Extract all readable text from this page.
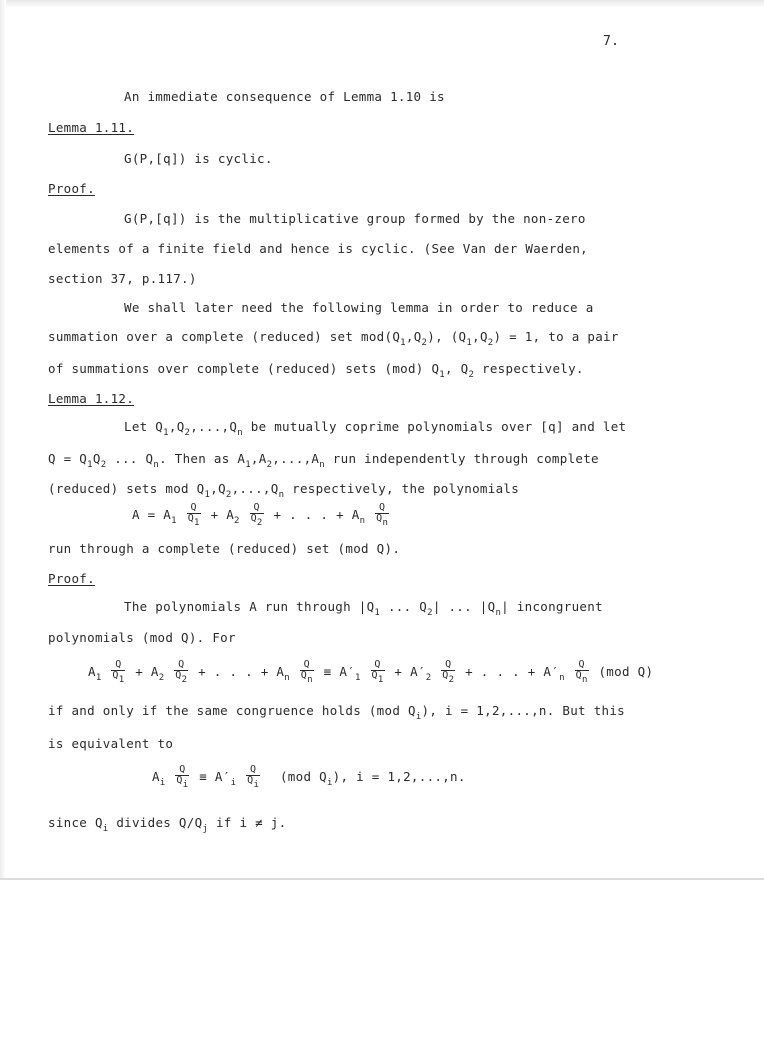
7.
An immediate consequence of Lemma 1.10 is
Lemma 1.11.
G(P,[q]) is cyclic.
Proof.
G(P,[q]) is the multiplicative group formed by the non-zero
elements of a finite field and hence is cyclic. (See Van der Waerden,
section 37, p.117.)
We shall later need the following lemma in order to reduce a
summation over a complete (reduced) set $mod(Q_1,Q_2)$, $(Q_1,Q_2) = 1$, to a pair
of summations over complete (reduced) sets (mod) $Q_1$, $Q_2$ respectively.
Lemma 1.12.
Let $Q_1,Q_2,...,Q_n$ be mutually coprime polynomials over [q] and let
$Q = Q_1Q_2$ ... $Q_n$. Then as $A_1,A_2,...,A_n$ run independently through complete
(reduced) sets mod $Q_1,Q_2,...,Q_n$ respectively, the polynomials
$A = A_1 \frac{Q}{Q1} + A_2 \frac{Q}{Q2}$ + . . . + $A_n \frac{Q}{Qn}$
run through a complete (reduced) set (mod Q).
Proof.
The polynomials A run through $|Q_1$ ... $Q_2|$ ... $|Q_n|$ incongruent
polynomials (mod Q). For
$A_1 \frac{Q}{Q1} + A_2 \frac{Q}{Q2}$ + . . . + $A_n \frac{Q}{Qn} \equiv A'_1 \frac{Q}{Q1} + A'_2 \frac{Q}{Q2}$ + . . . + $A'_n \frac{Q}{Qn} (mod$ Q)
if and only if the same congruence holds (mod $Q_i$), i = 1,2,...,n. But this
is equivalent to
$A_i \frac{Q}{Qi} \equiv A'_i \frac{Q}{Qi} (mod$ $Q_i$), i = 1,2,...,n.
since $Q_i$ divides $Q/Q_j$ if i ≠ j.
